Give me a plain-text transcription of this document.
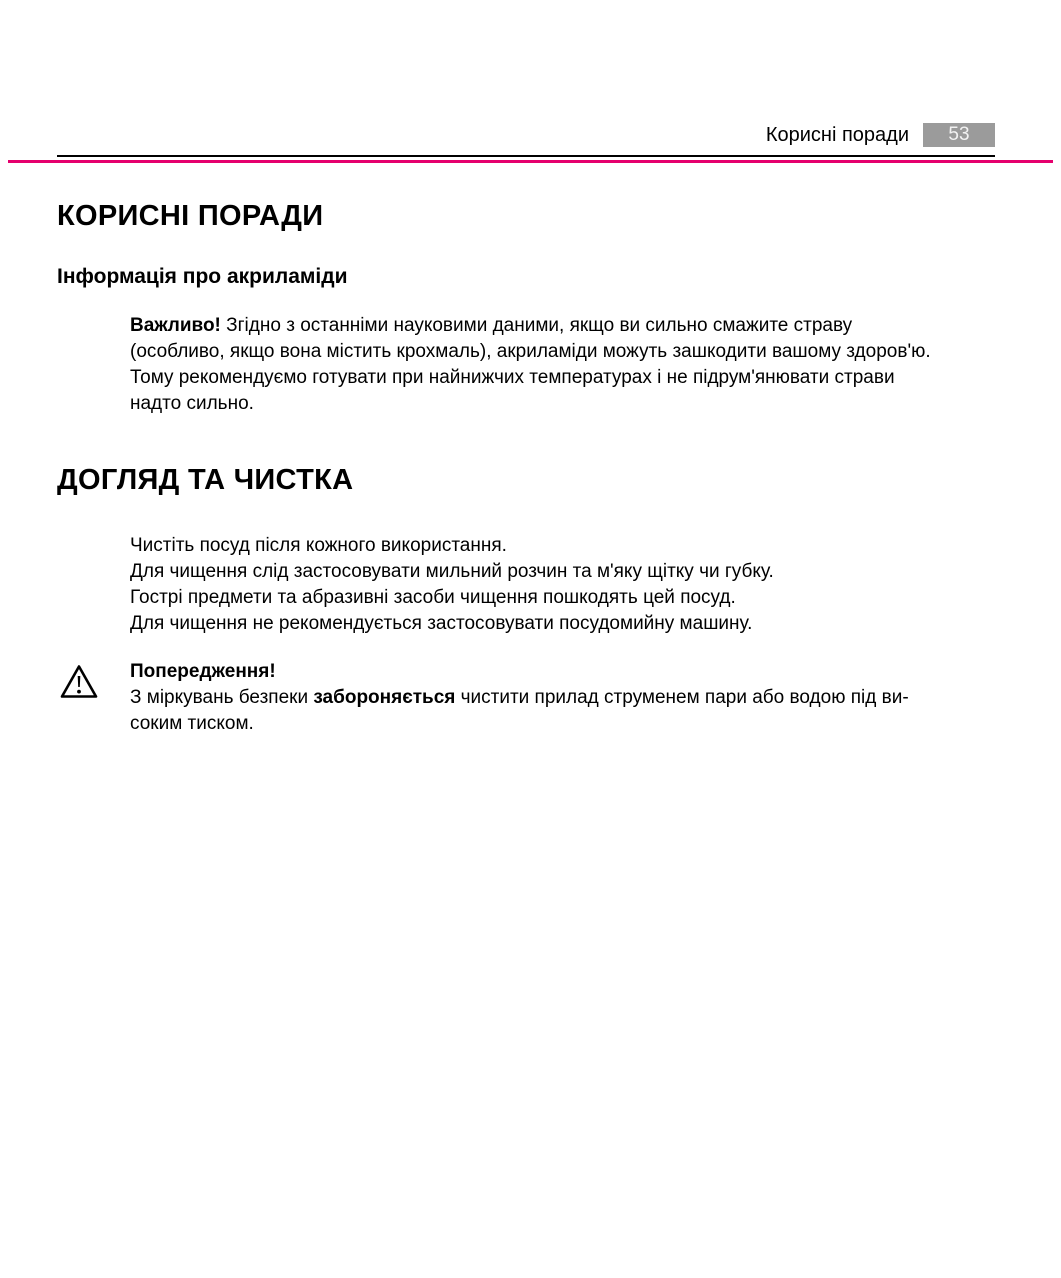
Корисні поради	53
КОРИСНІ ПОРАДИ
Інформація про акриламіди

Важливо! Згідно з останніми науковими даними, якщо ви сильно смажите страву (особливо, якщо вона містить крохмаль), акриламіди можуть зашкодити вашому здоров'ю. Тому рекомендуємо готувати при найнижчих температурах і не підрум'янювати страви надто сильно.

ДОГЛЯД ТА ЧИСТКА

Чистіть посуд після кожного використання.

Для чищення слід застосовувати мильний розчин та м'яку щітку чи губку.

Гострі предмети та абразивні засоби чищення пошкодять цей посуд.

Для чищення не рекомендується застосовувати посудомийну машину.

Попередження!

З міркувань безпеки забороняється чистити прилад струменем пари або водою під ви-
соким тиском.
